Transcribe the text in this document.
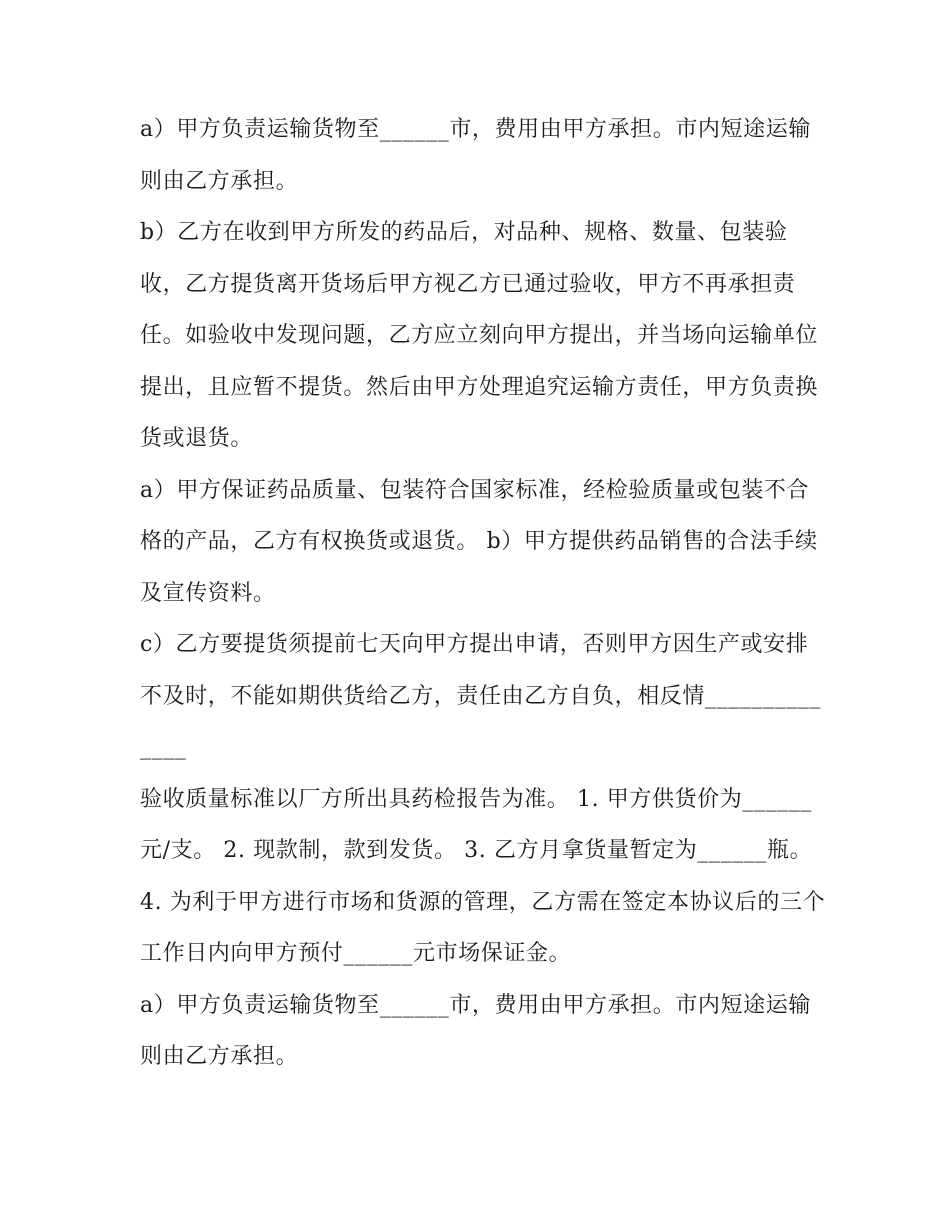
a）甲方负责运输货物至______市，费用由甲方承担。市内短途运输则由乙方承担。

b）乙方在收到甲方所发的药品后，对品种、规格、数量、包装验收，乙方提货离开货场后甲方视乙方已通过验收，甲方不再承担责任。如验收中发现问题，乙方应立刻向甲方提出，并当场向运输单位提出，且应暂不提货。然后由甲方处理追究运输方责任，甲方负责换货或退货。

a）甲方保证药品质量、包装符合国家标准，经检验质量或包装不合格的产品，乙方有权换货或退货。 b）甲方提供药品销售的合法手续及宣传资料。

c）乙方要提货须提前七天向甲方提出申请，否则甲方因生产或安排不及时，不能如期供货给乙方，责任由乙方自负，相反情______________

验收质量标准以厂方所出具药检报告为准。 1. 甲方供货价为______元/支。 2. 现款制，款到发货。 3. 乙方月拿货量暂定为______瓶。

4. 为利于甲方进行市场和货源的管理，乙方需在签定本协议后的三个工作日内向甲方预付______元市场保证金。

a）甲方负责运输货物至______市，费用由甲方承担。市内短途运输则由乙方承担。
